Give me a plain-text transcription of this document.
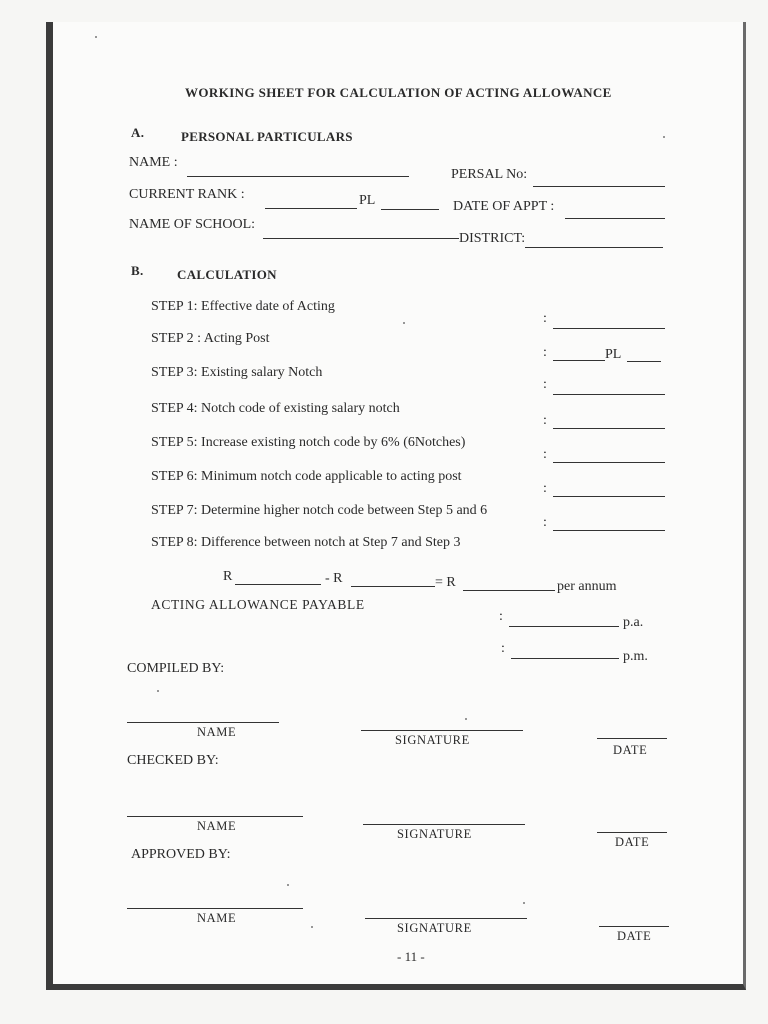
WORKING SHEET FOR CALCULATION OF ACTING ALLOWANCE
A.	PERSONAL PARTICULARS
NAME :
PERSAL No:
CURRENT RANK :	PL	DATE OF APPT :
NAME OF SCHOOL:
DISTRICT:
B.	CALCULATION
STEP 1: Effective date of Acting
:
STEP 2 : Acting Post
:	PL
STEP 3: Existing salary Notch
:
STEP 4: Notch code of existing salary notch
:
STEP 5: Increase existing notch code by 6% (6Notches)
:
STEP 6: Minimum notch code applicable to acting post
:
STEP 7: Determine higher notch code between Step 5 and 6
:
STEP 8: Difference between notch at Step 7 and Step 3
R	- R	= R	per annum
ACTING ALLOWANCE PAYABLE
:	p.a.
:
p.m.
COMPILED BY:
NAME
SIGNATURE
DATE
CHECKED BY:
NAME
SIGNATURE
DATE
APPROVED BY:
NAME
SIGNATURE
DATE
- 11 -
